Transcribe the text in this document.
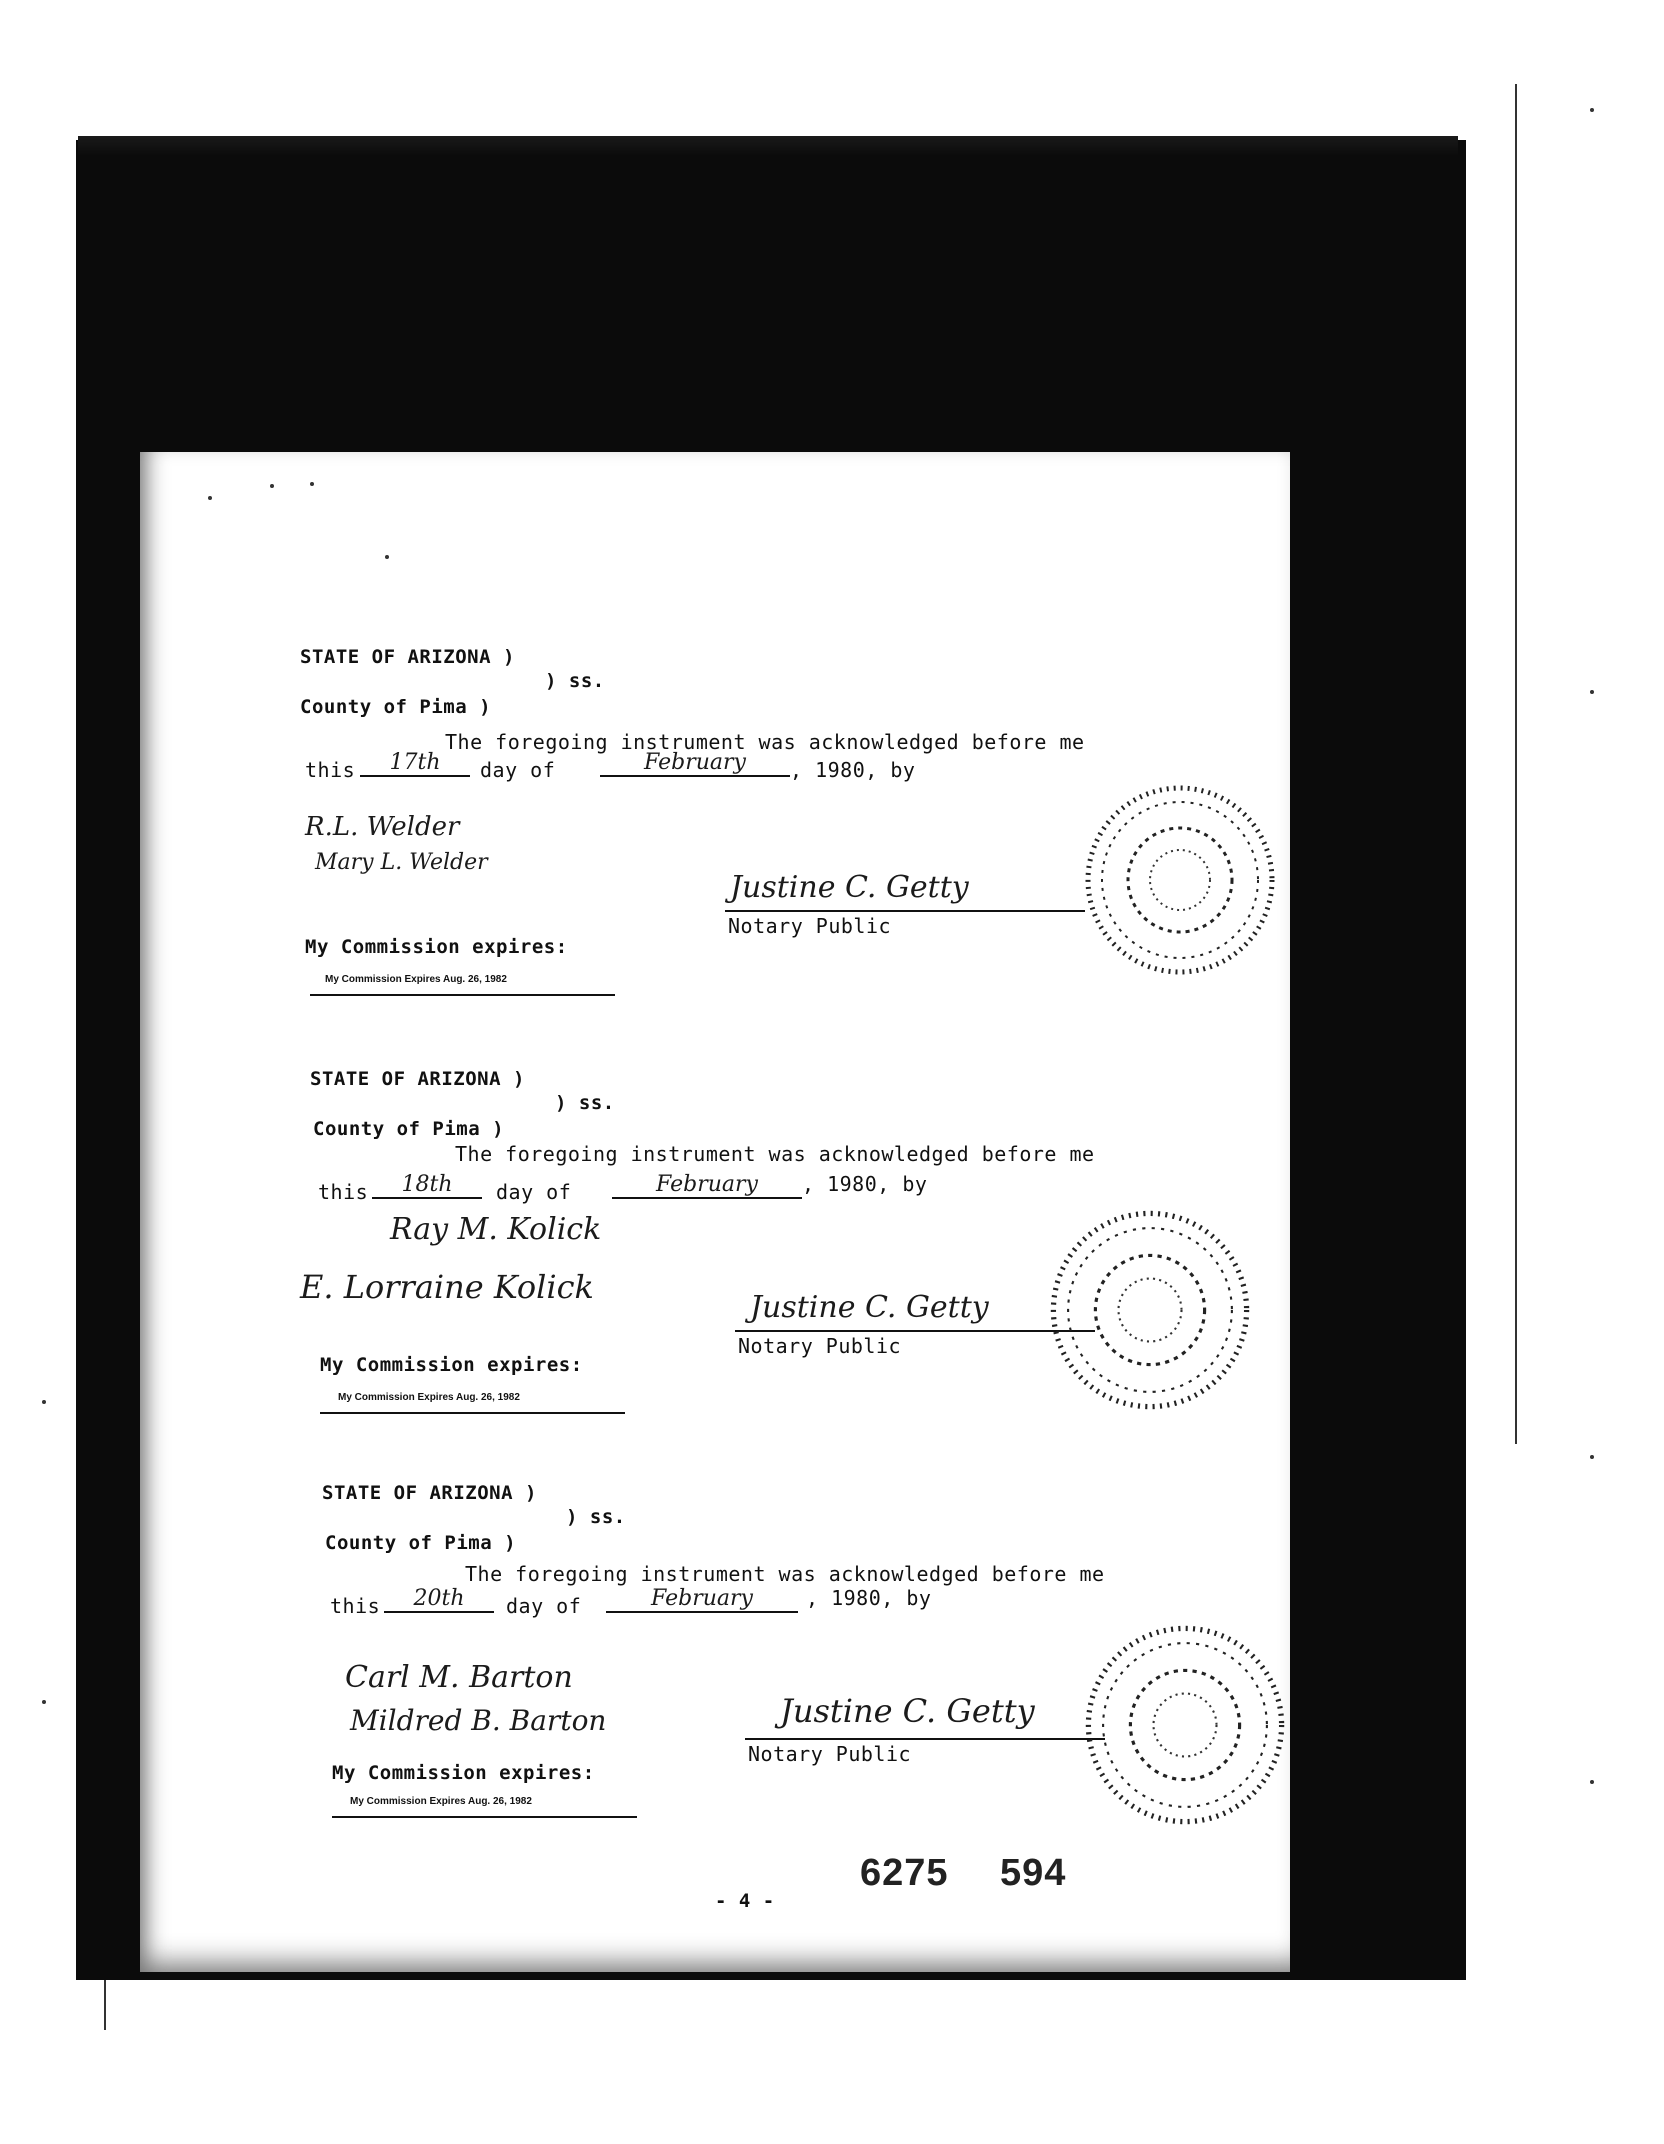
STATE OF ARIZONA )
) ss.
County of Pima )
The foregoing instrument was acknowledged before me
this	17th	day of	February	, 1980, by
R.L. Welder
Mary L. Welder
Justine C. Getty
Notary Public
My Commission expires:
My Commission Expires Aug. 26, 1982
STATE OF ARIZONA )
) ss.
County of Pima )
The foregoing instrument was acknowledged before me
this	18th	day of	February	, 1980, by
Ray M. Kolick
E. Lorraine Kolick
Justine C. Getty
Notary Public
My Commission expires:
My Commission Expires Aug. 26, 1982
STATE OF ARIZONA )
) ss.
County of Pima )
The foregoing instrument was acknowledged before me
this	20th	day of	February	, 1980, by
Carl M. Barton
Mildred B. Barton	Justine C. Getty
Notary Public
My Commission expires:
My Commission Expires Aug. 26, 1982
6275 594
- 4 -
